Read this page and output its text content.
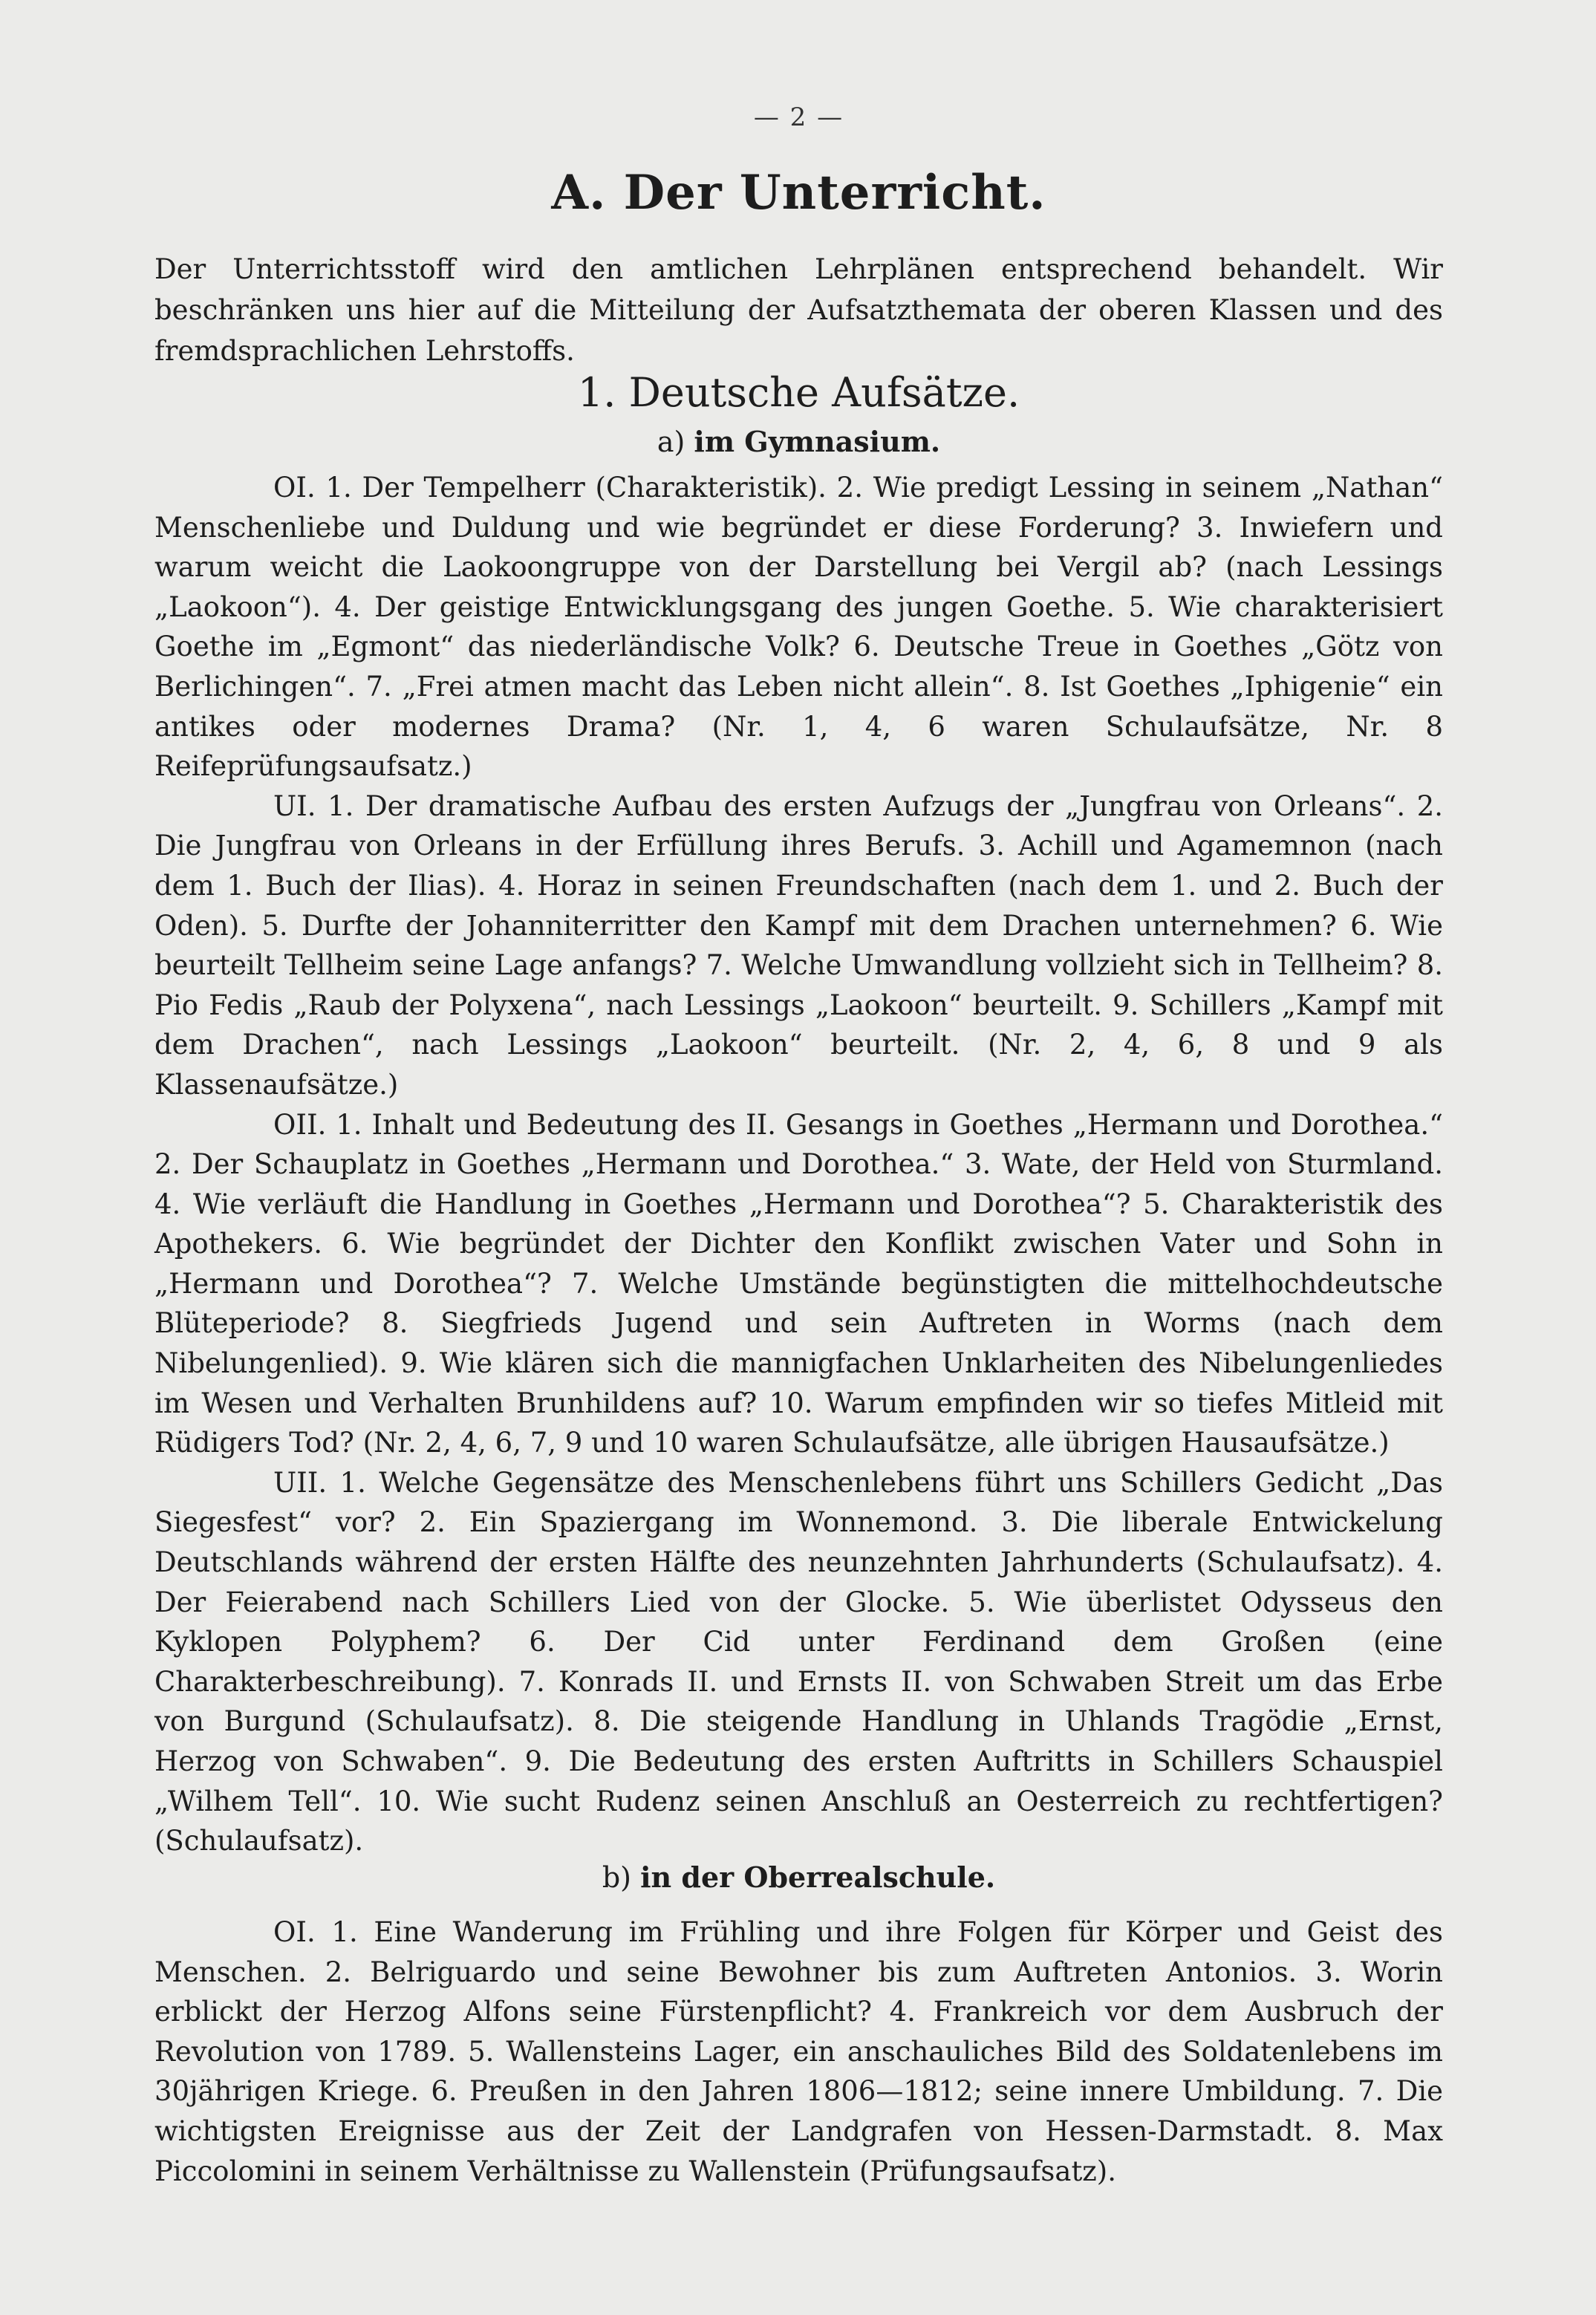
— 2 —
A. Der Unterricht.
Der Unterrichtsstoff wird den amtlichen Lehrplänen entsprechend behandelt. Wir beschränken uns hier auf die Mitteilung der Aufsatzthemata der oberen Klassen und des fremdsprachlichen Lehrstoffs.
1. Deutsche Aufsätze.
a) im Gymnasium.

OI. 1. Der Tempelherr (Charakteristik). 2. Wie predigt Lessing in seinem „Nathan“ Menschenliebe und Duldung und wie begründet er diese Forderung? 3. Inwiefern und warum weicht die Laokoongruppe von der Darstellung bei Vergil ab? (nach Lessings „Laokoon“). 4. Der geistige Entwicklungsgang des jungen Goethe. 5. Wie charakterisiert Goethe im „Egmont“ das niederländische Volk? 6. Deutsche Treue in Goethes „Götz von Berlichingen“. 7. „Frei atmen macht das Leben nicht allein“. 8. Ist Goethes „Iphigenie“ ein antikes oder modernes Drama? (Nr. 1, 4, 6 waren Schulaufsätze, Nr. 8 Reifeprüfungsaufsatz.)

UI. 1. Der dramatische Aufbau des ersten Aufzugs der „Jungfrau von Orleans“. 2. Die Jungfrau von Orleans in der Erfüllung ihres Berufs. 3. Achill und Agamemnon (nach dem 1. Buch der Ilias). 4. Horaz in seinen Freundschaften (nach dem 1. und 2. Buch der Oden). 5. Durfte der Johanniterritter den Kampf mit dem Drachen unternehmen? 6. Wie beurteilt Tellheim seine Lage anfangs? 7. Welche Umwandlung vollzieht sich in Tellheim? 8. Pio Fedis „Raub der Polyxena“, nach Lessings „Laokoon“ beurteilt. 9. Schillers „Kampf mit dem Drachen“, nach Lessings „Laokoon“ beurteilt. (Nr. 2, 4, 6, 8 und 9 als Klassenaufsätze.)

OII. 1. Inhalt und Bedeutung des II. Gesangs in Goethes „Hermann und Dorothea.“ 2. Der Schauplatz in Goethes „Hermann und Dorothea.“ 3. Wate, der Held von Sturmland. 4. Wie verläuft die Handlung in Goethes „Hermann und Dorothea“? 5. Charakteristik des Apothekers. 6. Wie begründet der Dichter den Konflikt zwischen Vater und Sohn in „Hermann und Dorothea“? 7. Welche Umstände begünstigten die mittelhochdeutsche Blüteperiode? 8. Siegfrieds Jugend und sein Auftreten in Worms (nach dem Nibelungenlied). 9. Wie klären sich die mannigfachen Unklarheiten des Nibelungenliedes im Wesen und Verhalten Brunhildens auf? 10. Warum empfinden wir so tiefes Mitleid mit Rüdigers Tod? (Nr. 2, 4, 6, 7, 9 und 10 waren Schulaufsätze, alle übrigen Hausaufsätze.)

UII. 1. Welche Gegensätze des Menschenlebens führt uns Schillers Gedicht „Das Siegesfest“ vor? 2. Ein Spaziergang im Wonnemond. 3. Die liberale Entwickelung Deutschlands während der ersten Hälfte des neunzehnten Jahrhunderts (Schulaufsatz). 4. Der Feierabend nach Schillers Lied von der Glocke. 5. Wie überlistet Odysseus den Kyklopen Polyphem? 6. Der Cid unter Ferdinand dem Großen (eine Charakterbeschreibung). 7. Konrads II. und Ernsts II. von Schwaben Streit um das Erbe von Burgund (Schulaufsatz). 8. Die steigende Handlung in Uhlands Tragödie „Ernst, Herzog von Schwaben“. 9. Die Bedeutung des ersten Auftritts in Schillers Schauspiel „Wilhem Tell“. 10. Wie sucht Rudenz seinen Anschluß an Oesterreich zu rechtfertigen? (Schulaufsatz).

b) in der Oberrealschule.

OI. 1. Eine Wanderung im Frühling und ihre Folgen für Körper und Geist des Menschen. 2. Belriguardo und seine Bewohner bis zum Auftreten Antonios. 3. Worin erblickt der Herzog Alfons seine Fürstenpflicht? 4. Frankreich vor dem Ausbruch der Revolution von 1789. 5. Wallensteins Lager, ein anschauliches Bild des Soldatenlebens im 30jährigen Kriege. 6. Preußen in den Jahren 1806—1812; seine innere Umbildung. 7. Die wichtigsten Ereignisse aus der Zeit der Landgrafen von Hessen-Darmstadt. 8. Max Piccolomini in seinem Verhältnisse zu Wallenstein (Prüfungsaufsatz).
